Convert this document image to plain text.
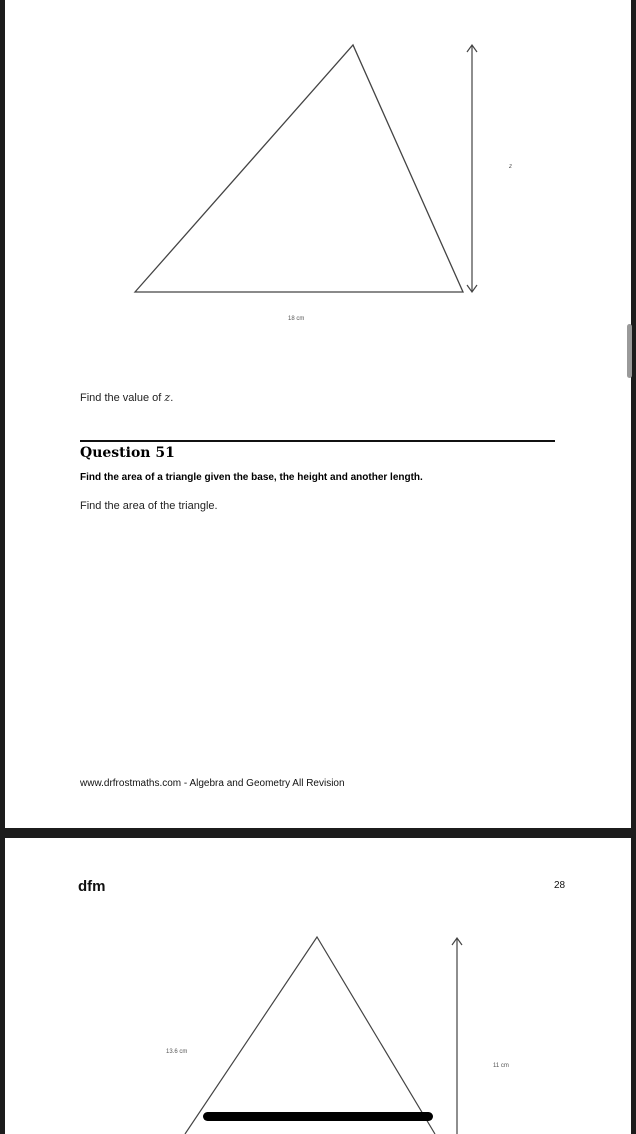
18 cm
z
Find the value of z.
Question 51
Find the area of a triangle given the base, the height and another length.
Find the area of the triangle.
www.drfrostmaths.com - Algebra and Geometry All Revision
dfm	28
13.6 cm
11 cm
